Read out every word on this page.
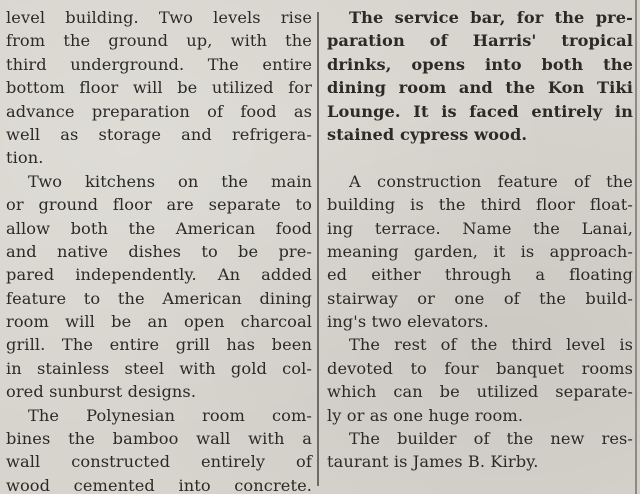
level building. Two levels rise
from the ground up, with the
third underground. The entire
bottom floor will be utilized for
advance preparation of food as
well as storage and refrigera-
tion.
Two kitchens on the main
or ground floor are separate to
allow both the American food
and native dishes to be pre-
pared independently. An added
feature to the American dining
room will be an open charcoal
grill. The entire grill has been
in stainless steel with gold col-
ored sunburst designs.
The Polynesian room com-
bines the bamboo wall with a
wall constructed entirely of
wood cemented into concrete.
The service bar, for the pre-
paration of Harris' tropical
drinks, opens into both the
dining room and the Kon Tiki
Lounge. It is faced entirely in
stained cypress wood.
A construction feature of the
building is the third floor float-
ing terrace. Name the Lanai,
meaning garden, it is approach-
ed either through a floating
stairway or one of the build-
ing's two elevators.
The rest of the third level is
devoted to four banquet rooms
which can be utilized separate-
ly or as one huge room.
The builder of the new res-
taurant is James B. Kirby.
